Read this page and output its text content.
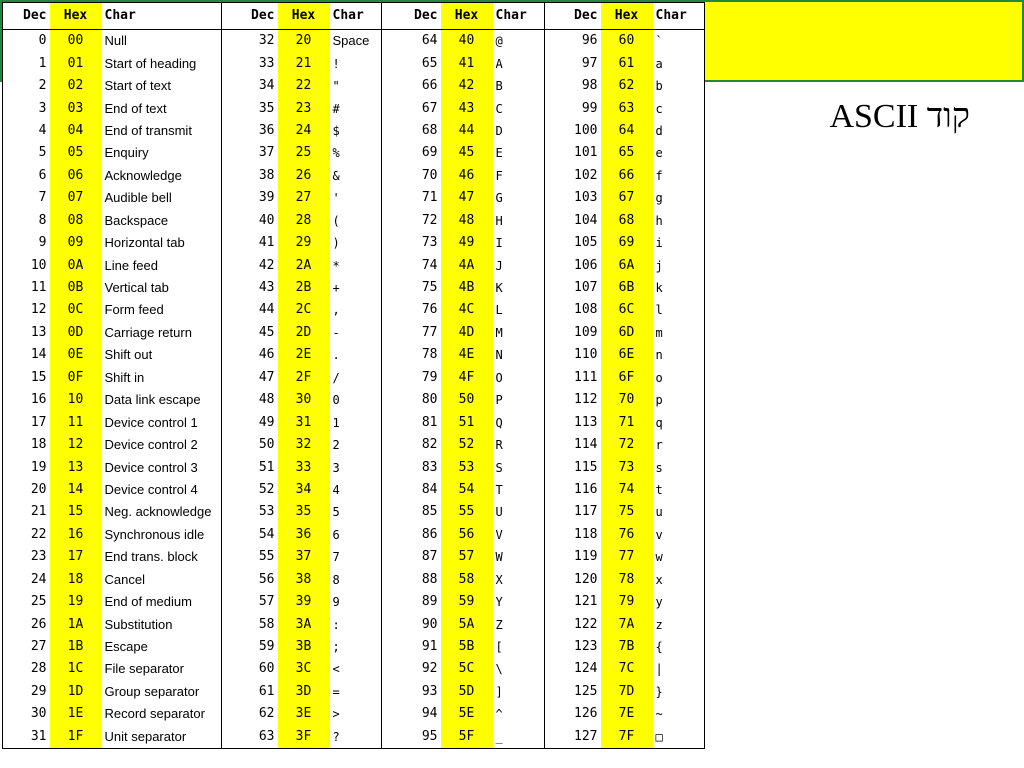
קוד ASCII
Dec	Hex	Char	Dec	Hex	Char	Dec	Hex	Char	Dec	Hex	Char
0	00	Null	32	20	Space	64	40	@	96	60	`
1	01	Start of heading	33	21	!	65	41	A	97	61	a
2	02	Start of text	34	22	"	66	42	B	98	62	b
3	03	End of text	35	23	#	67	43	C	99	63	c
4	04	End of transmit	36	24	$	68	44	D	100	64	d
5	05	Enquiry	37	25	%	69	45	E	101	65	e
6	06	Acknowledge	38	26	&	70	46	F	102	66	f
7	07	Audible bell	39	27	'	71	47	G	103	67	g
8	08	Backspace	40	28	(	72	48	H	104	68	h
9	09	Horizontal tab	41	29	)	73	49	I	105	69	i
10	0A	Line feed	42	2A	*	74	4A	J	106	6A	j
11	0B	Vertical tab	43	2B	+	75	4B	K	107	6B	k
12	0C	Form feed	44	2C	,	76	4C	L	108	6C	l
13	0D	Carriage return	45	2D	-	77	4D	M	109	6D	m
14	0E	Shift out	46	2E	.	78	4E	N	110	6E	n
15	0F	Shift in	47	2F	/	79	4F	O	111	6F	o
16	10	Data link escape	48	30	0	80	50	P	112	70	p
17	11	Device control 1	49	31	1	81	51	Q	113	71	q
18	12	Device control 2	50	32	2	82	52	R	114	72	r
19	13	Device control 3	51	33	3	83	53	S	115	73	s
20	14	Device control 4	52	34	4	84	54	T	116	74	t
21	15	Neg. acknowledge	53	35	5	85	55	U	117	75	u
22	16	Synchronous idle	54	36	6	86	56	V	118	76	v
23	17	End trans. block	55	37	7	87	57	W	119	77	w
24	18	Cancel	56	38	8	88	58	X	120	78	x
25	19	End of medium	57	39	9	89	59	Y	121	79	y
26	1A	Substitution	58	3A	:	90	5A	Z	122	7A	z
27	1B	Escape	59	3B	;	91	5B	[	123	7B	{
28	1C	File separator	60	3C	<	92	5C	\	124	7C	|
29	1D	Group separator	61	3D	=	93	5D	]	125	7D	}
30	1E	Record separator	62	3E	>	94	5E	^	126	7E	~
31	1F	Unit separator	63	3F	?	95	5F	_	127	7F	□
